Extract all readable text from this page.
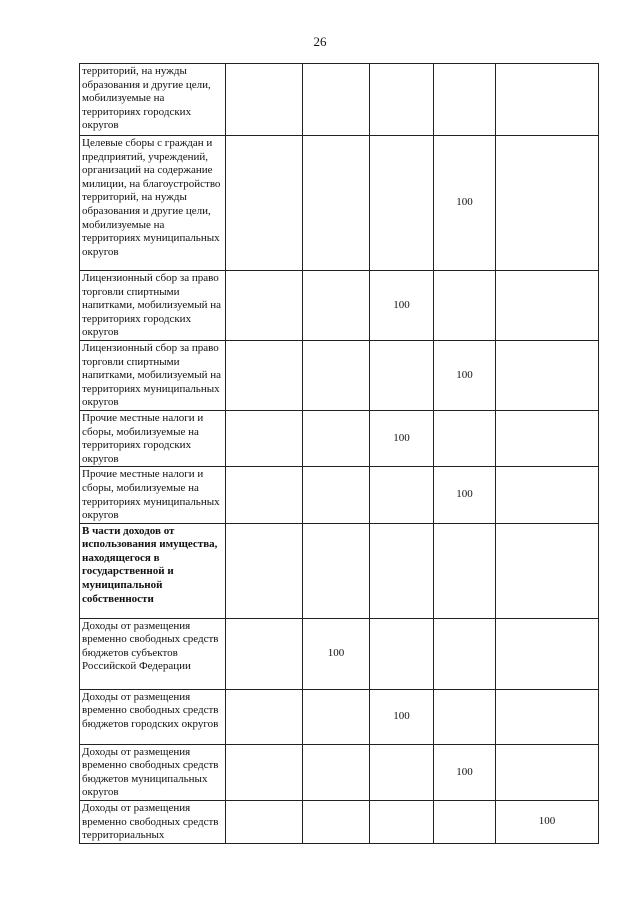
26
территорий, на нужды образования и другие цели, мобилизуемые на территориях городских округов					
Целевые сборы с граждан и предприятий, учреждений, организаций на содержание милиции, на благоустройство территорий, на нужды образования и другие цели, мобилизуемые на территориях муниципальных округов				100	
Лицензионный сбор за право торговли спиртными напитками, мобилизуемый на территориях городских округов			100		
Лицензионный сбор за право торговли спиртными напитками, мобилизуемый на территориях муниципальных округов				100	
Прочие местные налоги и сборы, мобилизуемые на территориях городских округов			100		
Прочие местные налоги и сборы, мобилизуемые на территориях муниципальных округов				100	
В части доходов от использования имущества, находящегося в государственной и муниципальной собственности					
Доходы от размещения временно свободных средств бюджетов субъектов Российской Федерации		100			
Доходы от размещения временно свободных средств бюджетов городских округов			100		
Доходы от размещения временно свободных средств бюджетов муниципальных округов				100	
Доходы от размещения временно свободных средств территориальных					100
